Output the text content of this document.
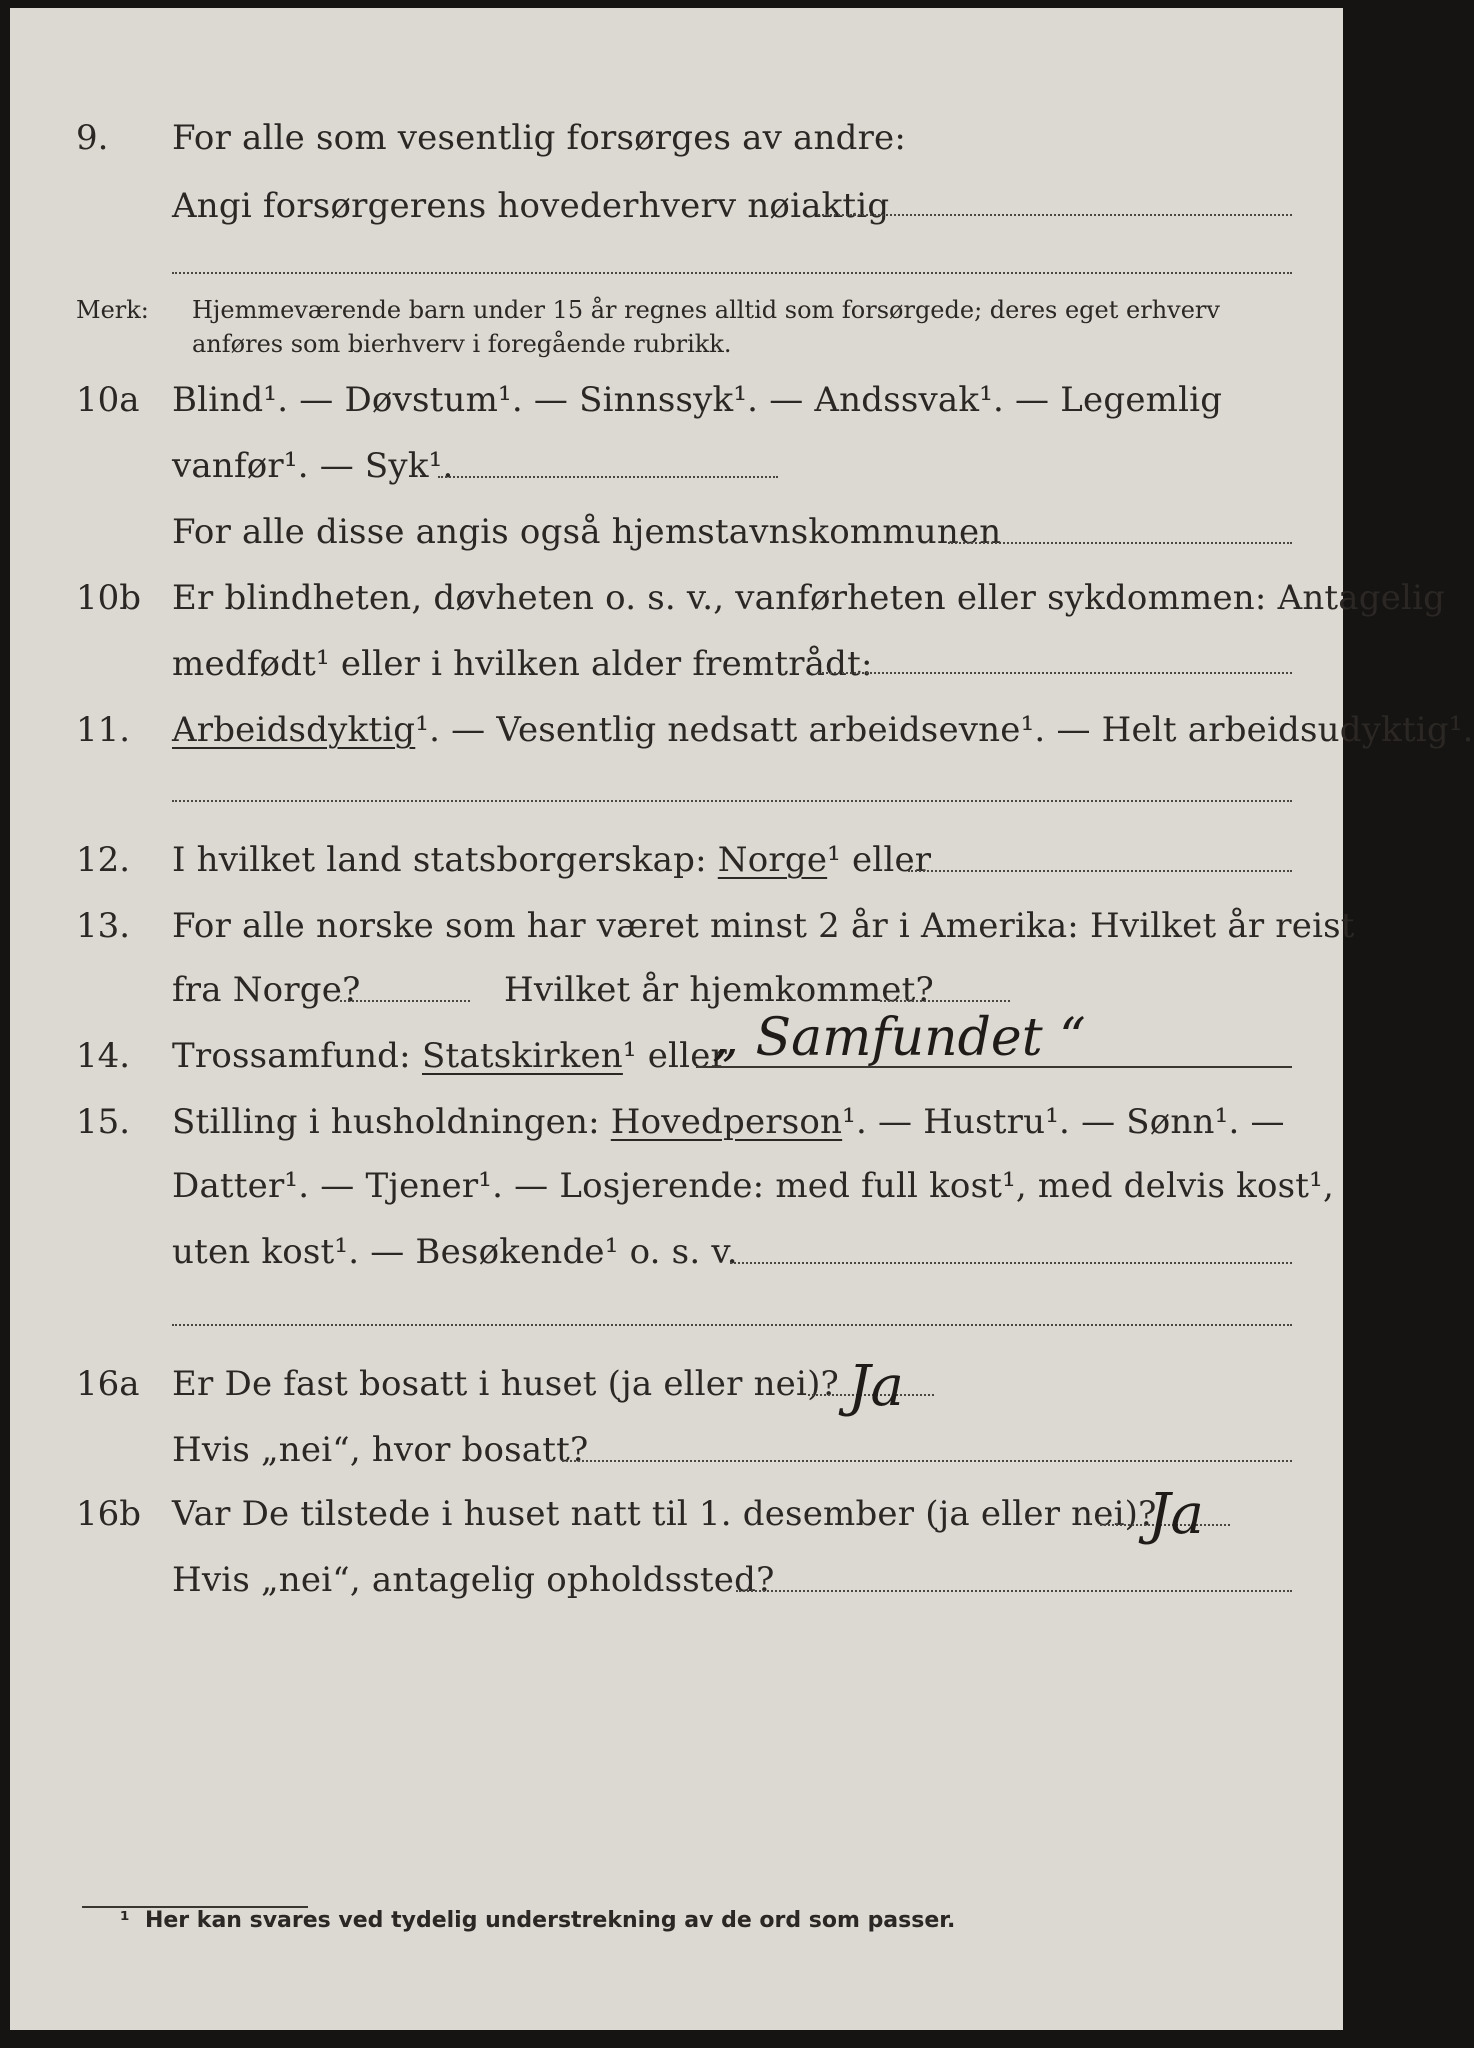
9. For alle som vesentlig forsørges av andre:
Angi forsørgerens hovederhverv nøiaktig
Merk: Hjemmeværende barn under 15 år regnes alltid som forsørgede; deres eget erhverv
anføres som bierhverv i foregående rubrikk.
10a Blind¹. — Døvstum¹. — Sinnssyk¹. — Andssvak¹. — Legemlig
vanfør¹. — Syk¹.
For alle disse angis også hjemstavnskommunen
10b Er blindheten, døvheten o. s. v., vanførheten eller sykdommen: Antagelig
medfødt¹ eller i hvilken alder fremtrådt:
11. Arbeidsdyktig¹. — Vesentlig nedsatt arbeidsevne¹. — Helt arbeidsudyktig¹.
12. I hvilket land statsborgerskap: Norge¹ eller
13. For alle norske som har været minst 2 år i Amerika: Hvilket år reist
fra Norge?	Hvilket år hjemkommet?
14. Trossamfund: Statskirken¹ eller
„ Samfundet “
15. Stilling i husholdningen: Hovedperson¹. — Hustru¹. — Sønn¹. —
Datter¹. — Tjener¹. — Losjerende: med full kost¹, med delvis kost¹,
uten kost¹. — Besøkende¹ o. s. v.
16a Er De fast bosatt i huset (ja eller nei)? Ja
Hvis „nei“, hvor bosatt?
16b Var De tilstede i huset natt til 1. desember (ja eller nei)?
Ja
Hvis „nei“, antagelig opholdssted?
¹ Her kan svares ved tydelig understrekning av de ord som passer.
